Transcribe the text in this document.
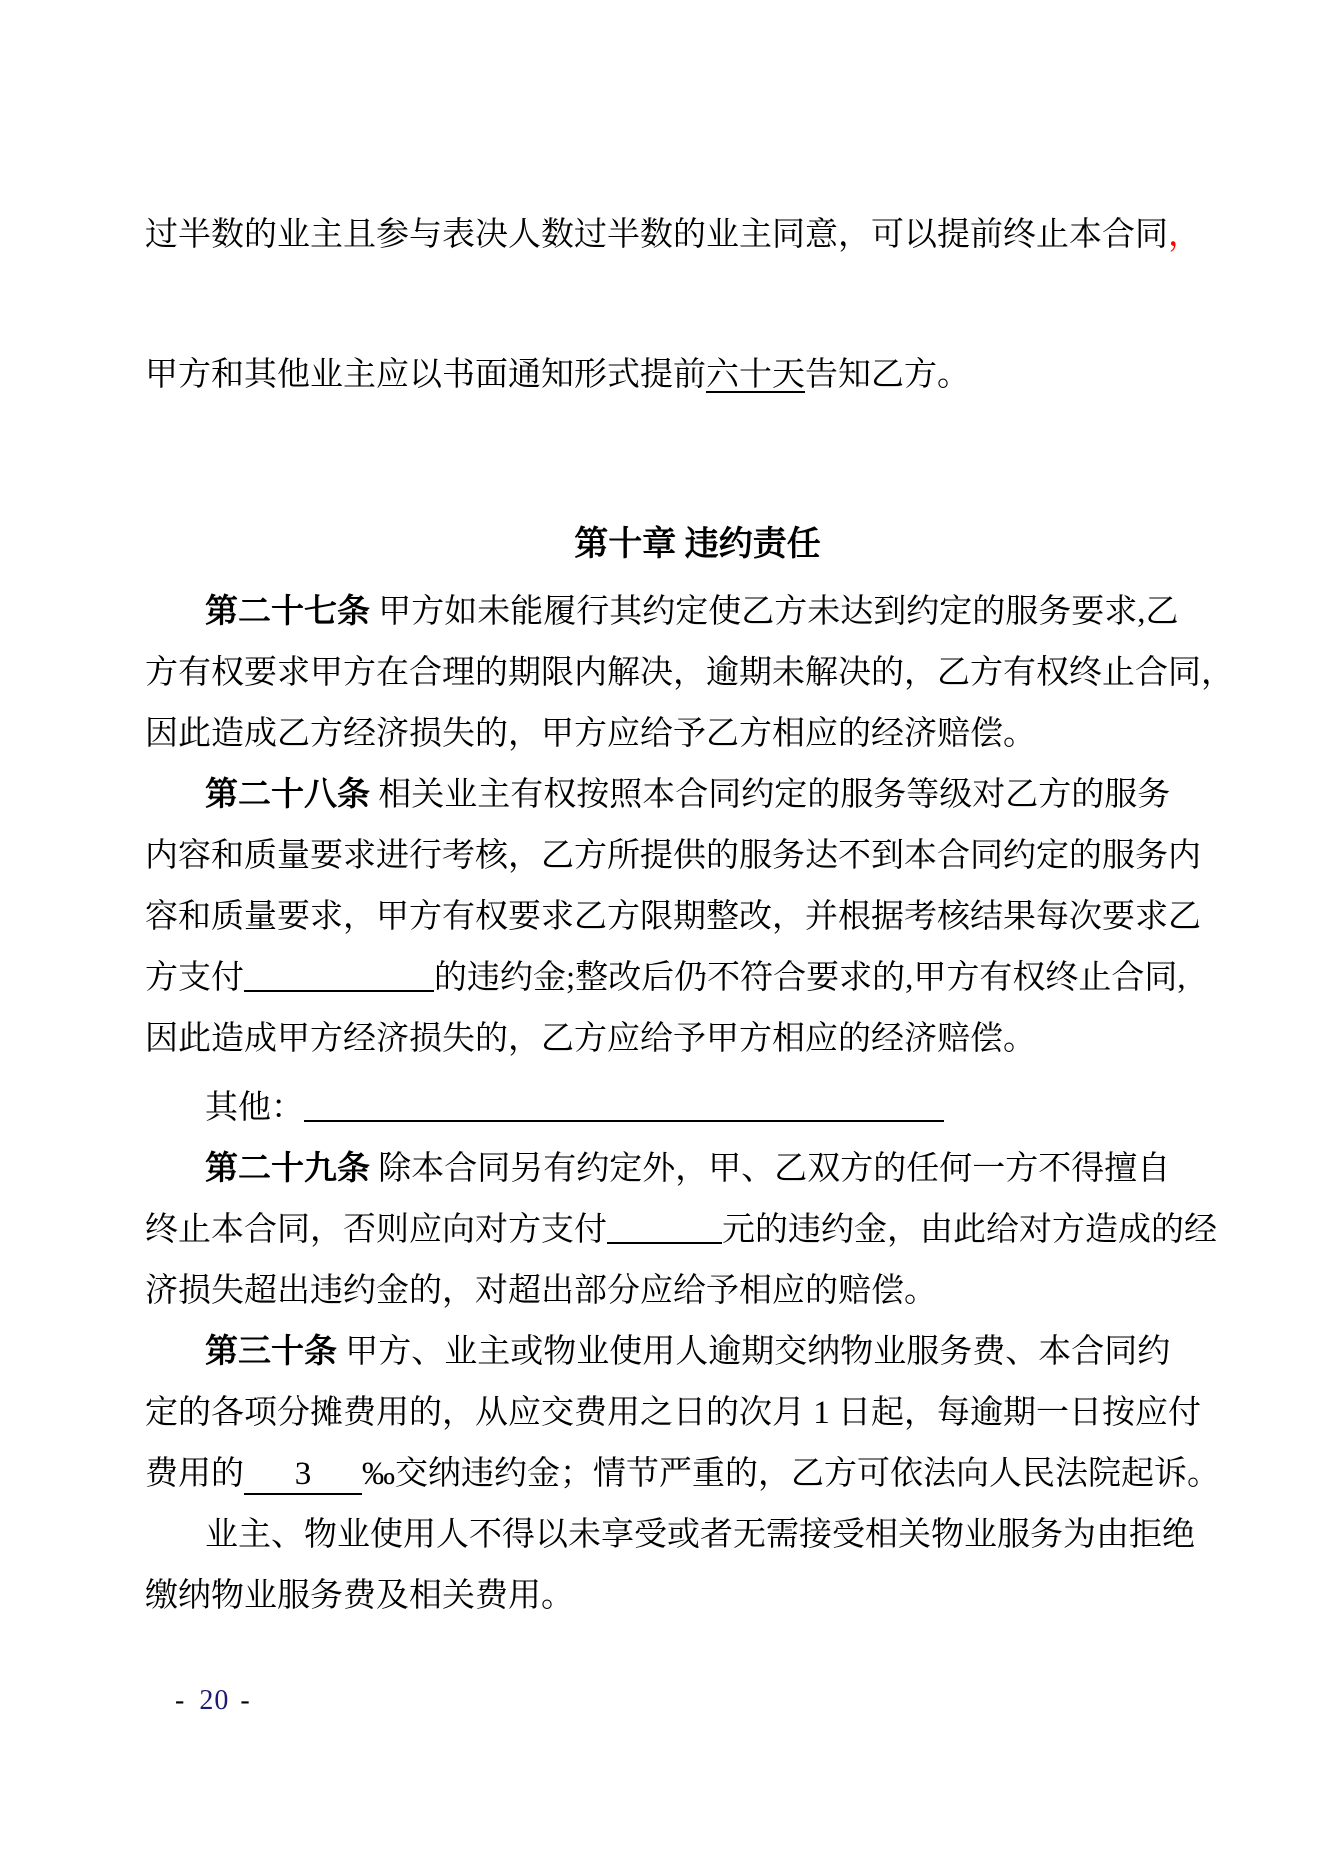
过半数的业主且参与表决人数过半数的业主同意，可以提前终止本合同，
甲方和其他业主应以书面通知形式提前六十天告知乙方。
第十章 违约责任
第二十七条 甲方如未能履行其约定使乙方未达到约定的服务要求,乙
方有权要求甲方在合理的期限内解决，逾期未解决的，乙方有权终止合同，
因此造成乙方经济损失的，甲方应给予乙方相应的经济赔偿。
第二十八条 相关业主有权按照本合同约定的服务等级对乙方的服务
内容和质量要求进行考核，乙方所提供的服务达不到本合同约定的服务内
容和质量要求，甲方有权要求乙方限期整改，并根据考核结果每次要求乙
方支付	的违约金;整改后仍不符合要求的,甲方有权终止合同,
因此造成甲方经济损失的，乙方应给予甲方相应的经济赔偿。
其他：
第二十九条 除本合同另有约定外，甲、乙双方的任何一方不得擅自
终止本合同，否则应向对方支付	元的违约金，由此给对方造成的经
济损失超出违约金的，对超出部分应给予相应的赔偿。
第三十条 甲方、业主或物业使用人逾期交纳物业服务费、本合同约
定的各项分摊费用的，从应交费用之日的次月 1 日起，每逾期一日按应付
费用的 3 ‰交纳违约金；情节严重的，乙方可依法向人民法院起诉。
业主、物业使用人不得以未享受或者无需接受相关物业服务为由拒绝
缴纳物业服务费及相关费用。
- 20 -
